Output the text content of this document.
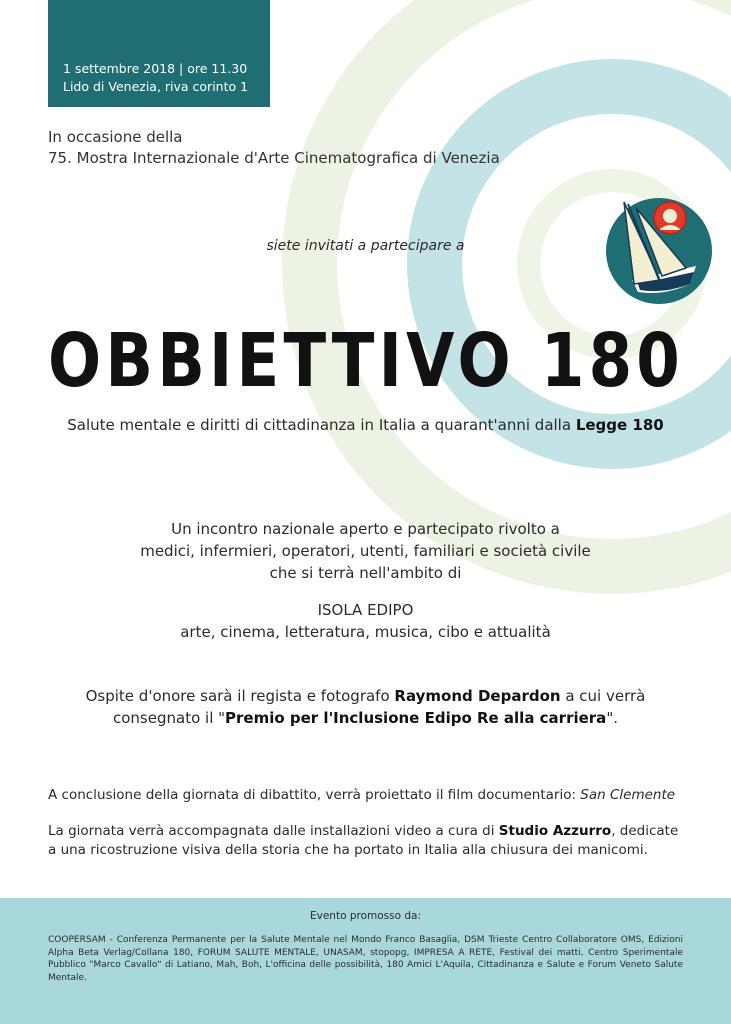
1 settembre 2018 | ore 11.30
Lido di Venezia, riva corinto 1
In occasione della
75. Mostra Internazionale d'Arte Cinematografica di Venezia
siete invitati a partecipare a
OBBIETTIVO 180
Salute mentale e diritti di cittadinanza in Italia a quarant'anni dalla Legge 180
Un incontro nazionale aperto e partecipato rivolto a
medici, infermieri, operatori, utenti, familiari e società civile
che si terrà nell'ambito di
ISOLA EDIPO
arte, cinema, letteratura, musica, cibo e attualità
Ospite d'onore sarà il regista e fotografo Raymond Depardon a cui verrà
consegnato il "Premio per l'Inclusione Edipo Re alla carriera".
A conclusione della giornata di dibattito, verrà proiettato il film documentario: San Clemente
La giornata verrà accompagnata dalle installazioni video a cura di Studio Azzurro, dedicate
a una ricostruzione visiva della storia che ha portato in Italia alla chiusura dei manicomi.
Evento promosso da:
COOPERSAM - Conferenza Permanente per la Salute Mentale nel Mondo Franco Basaglia, DSM Trieste Centro Collaboratore OMS, Edizioni Alpha Beta Verlag/Collana 180, FORUM SALUTE MENTALE, UNASAM, stopopg, IMPRESA A RETE, Festival dei matti, Centro Sperimentale Pubblico "Marco Cavallo" di Latiano, Mah, Boh, L'officina delle possibilità, 180 Amici L'Aquila, Cittadinanza e Salute e Forum Veneto Salute Mentale.
